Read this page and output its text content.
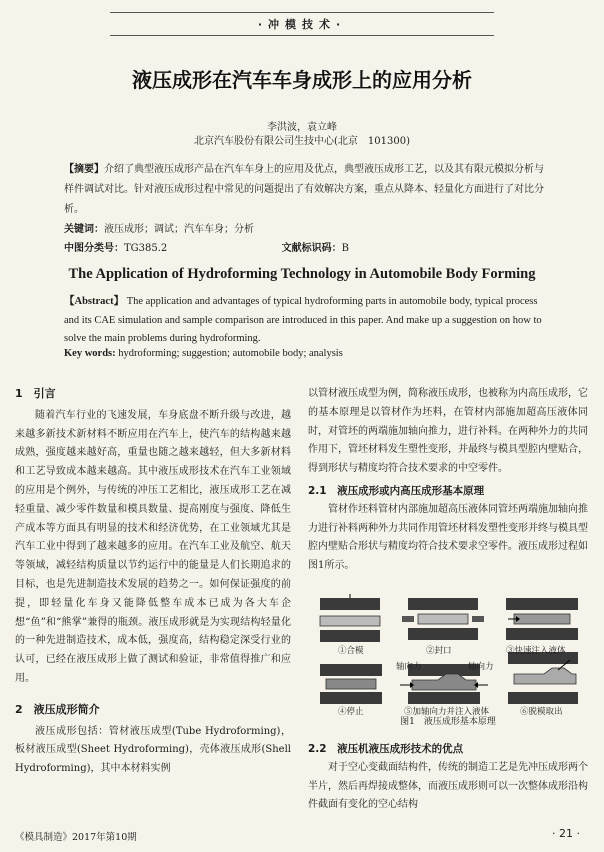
·冲模技术·
液压成形在汽车车身成形上的应用分析
李洪波，袁立峰
北京汽车股份有限公司生技中心(北京　101300)
【摘要】介绍了典型液压成形产品在汽车车身上的应用及优点，典型液压成形工艺，以及其有限元模拟分析与样件调试对比。针对液压成形过程中常见的问题提出了有效解决方案，重点从降本、轻量化方面进行了对比分析。
关键词：液压成形；调试；汽车车身；分析
中图分类号：TG385.2	文献标识码：B
The Application of Hydroforming Technology in Automobile Body Forming
【Abstract】 The application and advantages of typical hydroforming parts in automobile body, typical process and its CAE simulation and sample comparison are introduced in this paper. And make up a suggestion on how to solve the main problems during hydroforming.
Key words: hydroforming; suggestion; automobile body; analysis
1　引言

随着汽车行业的飞速发展，车身底盘不断升级与改进，越来越多新技术新材料不断应用在汽车上，使汽车的结构越来越成熟，强度越来越好高，重量也随之越来越轻，但大多新材料和工艺导致成本越来越高。其中液压成形技术在汽车工业领域的应用是个例外，与传统的冲压工艺相比，液压成形工艺在减轻重量、减少零件数量和模具数量、提高刚度与强度、降低生产成本等方面具有明显的技术和经济优势，在工业领域尤其是汽车工业中得到了越来越多的应用。在汽车工业及航空、航天等领域，减轻结构质量以节约运行中的能量是人们长期追求的目标，也是先进制造技术发展的趋势之一。如何保证强度的前提，即轻量化车身又能降低整车成本已成为各大车企想“鱼”和“熊掌”兼得的瓶颈。液压成形就是为实现结构轻量化的一种先进制造技术，成本低，强度高，结构稳定深受行业的认可，已经在液压成形上做了测试和验证，非常值得推广和应用。

2　液压成形简介

液压成形包括：管材液压成型(Tube Hydroforming)，板材液压成型(Sheet Hydroforming)，壳体液压成形(Shell Hydroforming)，其中本材料实例

以管材液压成型为例，简称液压成形，也被称为内高压成形，它的基本原理是以管材作为坯料，在管材内部施加超高压液体同时，对管坯的两端施加轴向推力，进行补料。在两种外力的共同作用下，管坯材料发生塑性变形，并最终与模具型腔内壁贴合，得到形状与精度均符合技术要求的中空零件。

2.1　液压成形或内高压成形基本原理

管材作坯料管材内部施加超高压液体同管坯两端施加轴向推力进行补料两种外力共同作用管坯材料发塑性变形并终与模具型腔内壁贴合形状与精度均符合技术要求空零件。液压成形过程如图1所示。

①合模	②封口	③快速注入液体
轴向力	轴向力
④停止	⑤加轴向力并注入液体	⑥脱模取出
图1　液压成形基本原理
2.2　液压机液压成形技术的优点

对于空心变截面结构件，传统的制造工艺是先冲压成形两个半片，然后再焊接成整体，而液压成形则可以一次整体成形沿构件截面有变化的空心结构

《模具制造》2017年第10期	· 21 ·
